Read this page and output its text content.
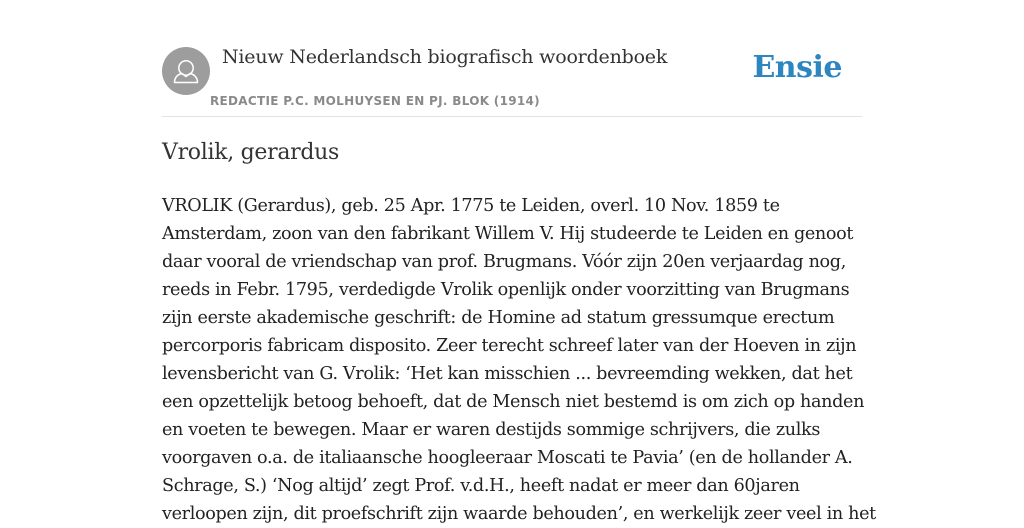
Nieuw Nederlandsch biografisch woordenboek
REDACTIE P.C. MOLHUYSEN EN PJ. BLOK (1914)
Ensie
Vrolik, gerardus
VROLIK (Gerardus), geb. 25 Apr. 1775 te Leiden, overl. 10 Nov. 1859 te
Amsterdam, zoon van den fabrikant Willem V. Hij studeerde te Leiden en genoot
daar vooral de vriendschap van prof. Brugmans. Vóór zijn 20en verjaardag nog,
reeds in Febr. 1795, verdedigde Vrolik openlijk onder voorzitting van Brugmans
zijn eerste akademische geschrift: de Homine ad statum gressumque erectum
percorporis fabricam disposito. Zeer terecht schreef later van der Hoeven in zijn
levensbericht van G. Vrolik: ‘Het kan misschien ... bevreemding wekken, dat het
een opzettelijk betoog behoeft, dat de Mensch niet bestemd is om zich op handen
en voeten te bewegen. Maar er waren destijds sommige schrijvers, die zulks
voorgaven o.a. de italiaansche hoogleeraar Moscati te Pavia’ (en de hollander A.
Schrage, S.) ‘Nog altijd’ zegt Prof. v.d.H., heeft nadat er meer dan 60jaren
verloopen zijn, dit proefschrift zijn waarde behouden’, en werkelijk zeer veel in het
